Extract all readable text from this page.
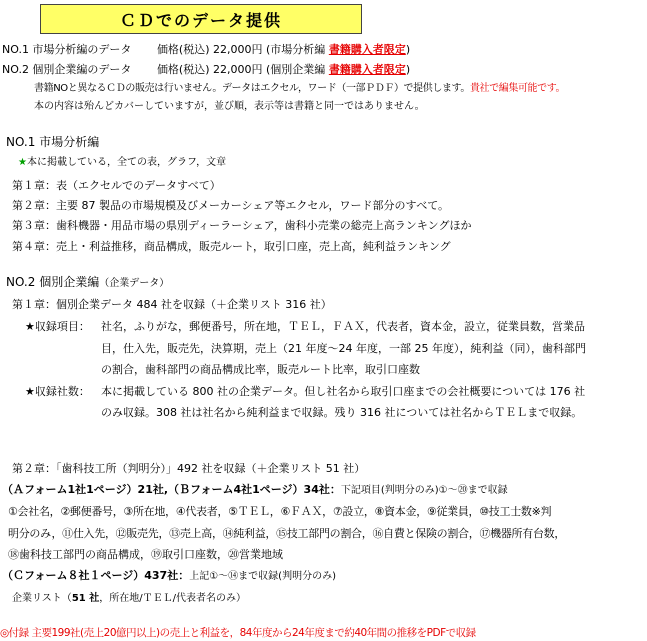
ＣＤでのデータ提供
NO.1 市場分析編のデータ 価格(税込) 22,000円 (市場分析編 書籍購入者限定)
NO.2 個別企業編のデータ 価格(税込) 22,000円 (個別企業編 書籍購入者限定)
書籍NOと異なるＣＤの販売は行いません。データはエクセル，ワード（一部ＰＤＦ）で提供します。貴社で編集可能です。
本の内容は殆んどカバーしていますが，並び順，表示等は書籍と同一ではありません。
NO.1 市場分析編
★本に掲載している，全ての表，グラフ，文章
第１章：表（エクセルでのデータすべて）
第２章：主要 87 製品の市場規模及びメーカーシェア等エクセル，ワード部分のすべて。
第３章：歯科機器・用品市場の県別ディーラーシェア，歯科小売業の総売上高ランキングほか
第４章：売上・利益推移，商品構成，販売ルート，取引口座，売上高，純利益ランキング
NO.2 個別企業編（企業データ）
第１章：個別企業データ 484 社を収録（＋企業リスト 316 社）
★収録項目： 社名，ふりがな，郵便番号，所在地，ＴＥＬ，ＦＡＸ，代表者，資本金，設立，従業員数，営業品
目，仕入先，販売先，決算期，売上（21 年度〜24 年度，一部 25 年度），純利益（同），歯科部門
の割合，歯科部門の商品構成比率，販売ルート比率，取引口座数
★収録社数： 本に掲載している 800 社の企業データ。但し社名から取引口座までの会社概要については 176 社
のみ収録。308 社は社名から純利益まで収録。残り 316 社については社名からＴＥＬまで収録。
第２章：「歯科技工所（判明分）」492 社を収録（＋企業リスト 51 社）
（Ａフォーム1社1ページ）21社,（Ｂフォーム4社1ページ）34社：下記項目(判明分のみ)①〜⑳まで収録
①会社名，②郵便番号，③所在地，④代表者，⑤ＴＥＬ，⑥ＦＡＸ，⑦設立，⑧資本金，⑨従業員，⑩技工士数※判
明分のみ，⑪仕入先，⑫販売先，⑬売上高，⑭純利益，⑮技工部門の割合，⑯自費と保険の割合，⑰機器所有台数，
⑱歯科技工部門の商品構成，⑲取引口座数，⑳営業地域
（Ｃフォーム８社１ページ）437社：上記①〜⑭まで収録(判明分のみ)
企業リスト（51 社，所在地/ＴＥＬ/代表者名のみ）
◎付録 主要199社(売上20億円以上)の売上と利益を，84年度から24年度まで約40年間の推移をPDFで収録
